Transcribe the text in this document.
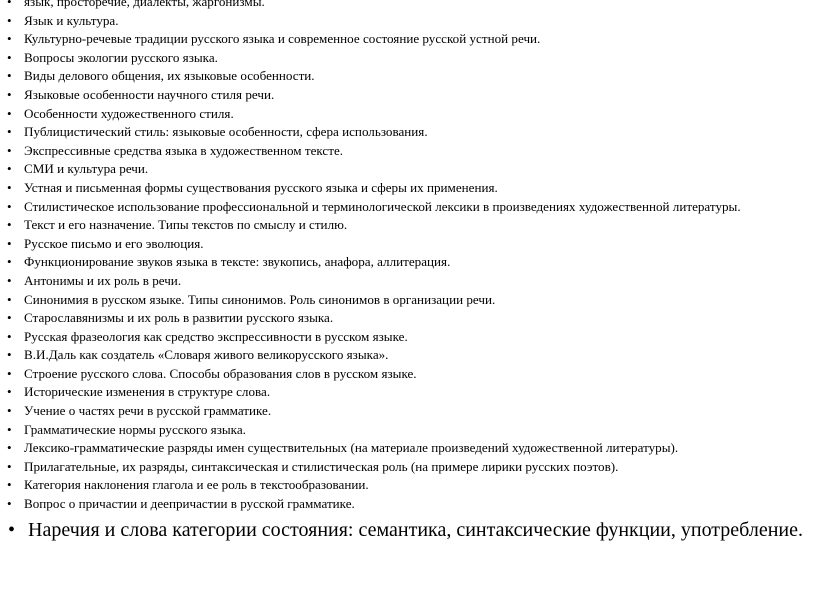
• язык, просторечие, диалекты, жаргонизмы.
• Язык и культура.
• Культурно-речевые традиции русского языка и современное состояние русской устной речи.
• Вопросы экологии русского языка.
• Виды делового общения, их языковые особенности.
• Языковые особенности научного стиля речи.
• Особенности художественного стиля.
• Публицистический стиль: языковые особенности, сфера использования.
• Экспрессивные средства языка в художественном тексте.
• СМИ и культура речи.
• Устная и письменная формы существования русского языка и сферы их применения.
• Стилистическое использование профессиональной и терминологической лексики в произведениях художественной литературы.
• Текст и его назначение. Типы текстов по смыслу и стилю.
• Русское письмо и его эволюция.
• Функционирование звуков языка в тексте: звукопись, анафора, аллитерация.
• Антонимы и их роль в речи.
• Синонимия в русском языке. Типы синонимов. Роль синонимов в организации речи.
• Старославянизмы и их роль в развитии русского языка.
• Русская фразеология как средство экспрессивности в русском языке.
• В.И.Даль как создатель «Словаря живого великорусского языка».
• Строение русского слова. Способы образования слов в русском языке.
• Исторические изменения в структуре слова.
• Учение о частях речи в русской грамматике.
• Грамматические нормы русского языка.
• Лексико-грамматические разряды имен существительных (на материале произведений художественной литературы).
• Прилагательные, их разряды, синтаксическая и стилистическая роль (на примере лирики русских поэтов).
• Категория наклонения глагола и ее роль в текстообразовании.
• Вопрос о причастии и деепричастии в русской грамматике.
• Наречия и слова категории состояния: семантика, синтаксические функции, употребление.
